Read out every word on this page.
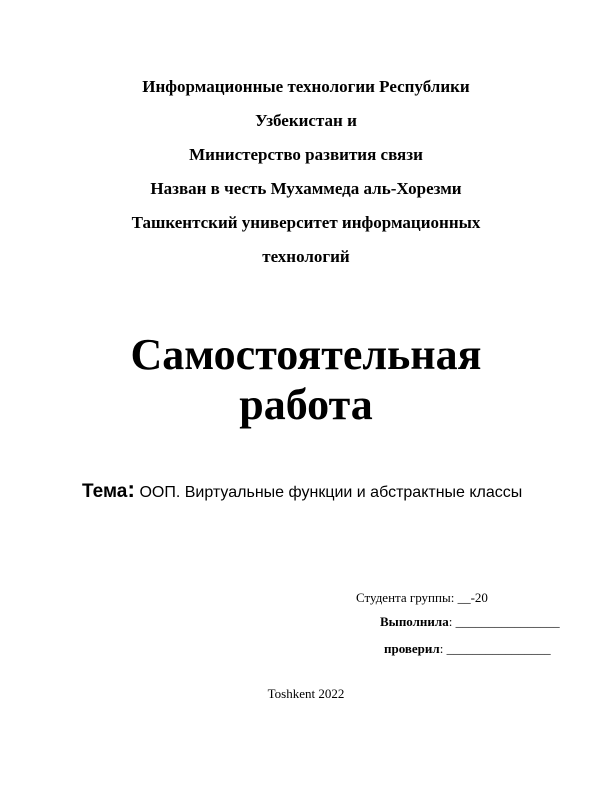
Информационные технологии Республики
Узбекистан и
Министерство развития связи
Назван в честь Мухаммеда аль-Хорезми
Ташкентский университет информационных
технологий
Самостоятельная
работа
Тема: ООП. Виртуальные функции и абстрактные классы
Студента группы: __-20
Выполнила: ________________
проверил: ________________
Toshkent 2022
